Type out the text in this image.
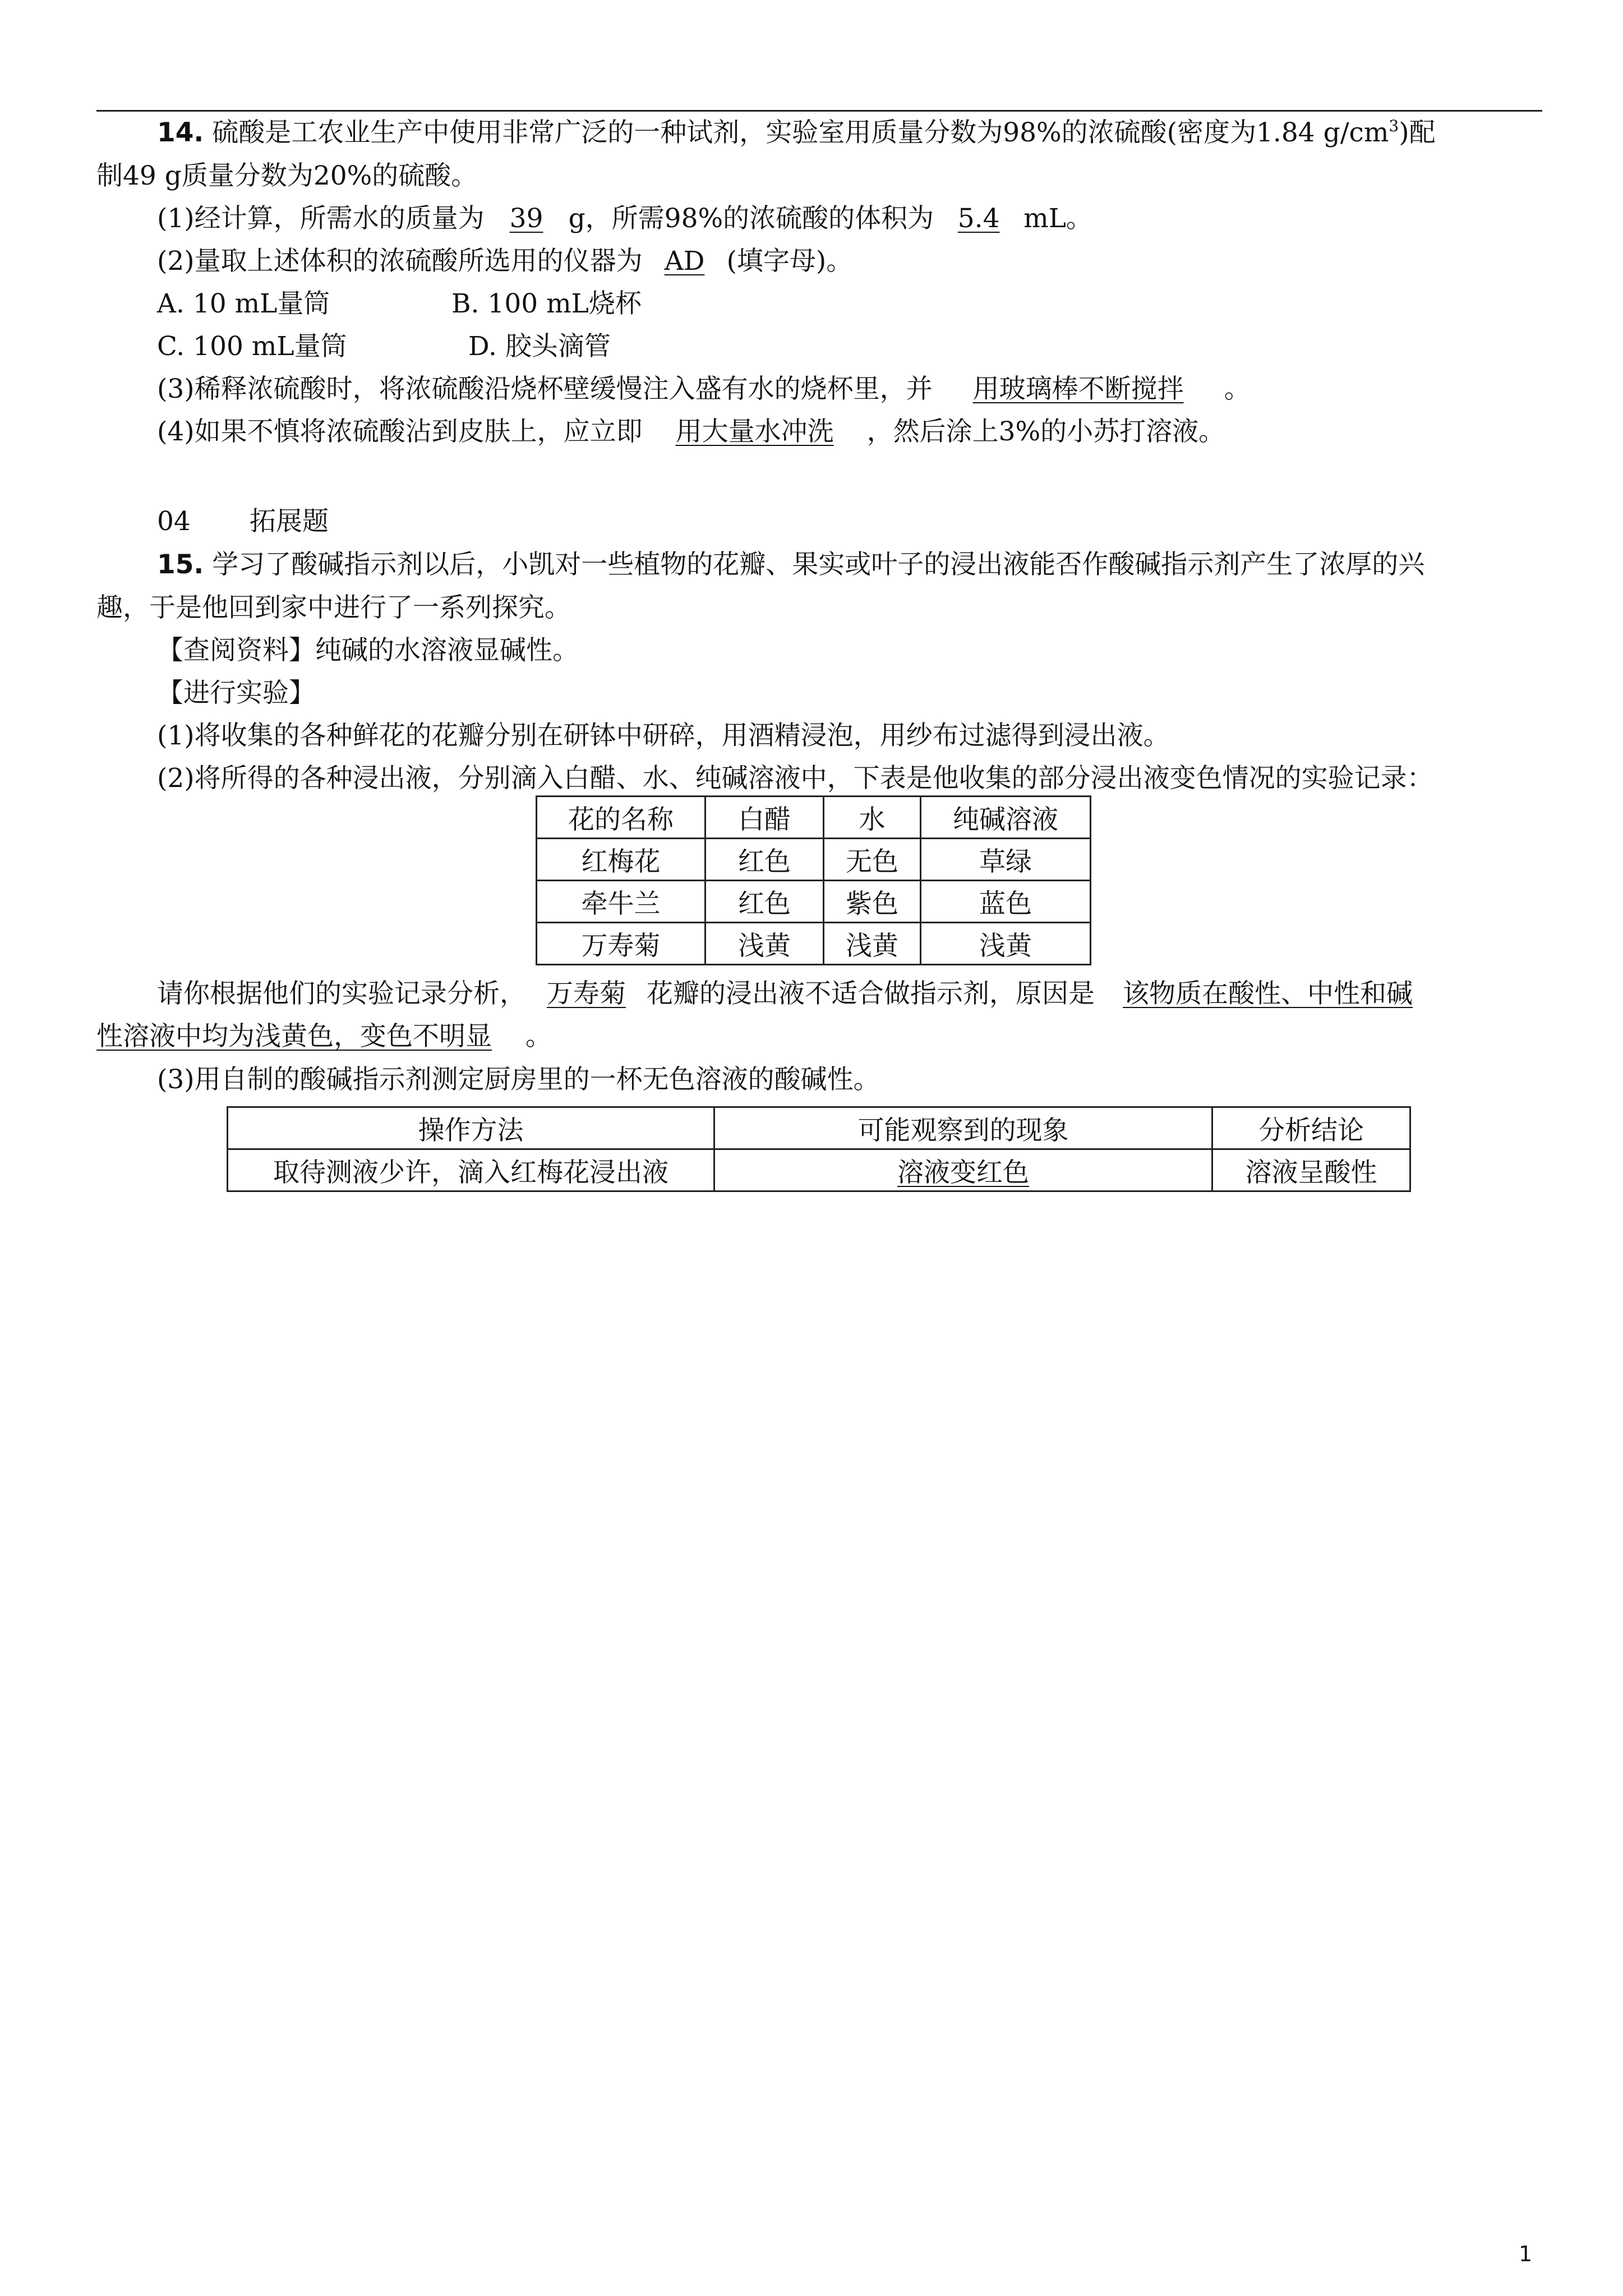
14. 硫酸是工农业生产中使用非常广泛的一种试剂，实验室用质量分数为98%的浓硫酸(密度为1.84 $g/cm^3$)配
制49 g质量分数为20%的硫酸。
(1)经计算，所需水的质量为 39 g，所需98%的浓硫酸的体积为 5.4 mL。
(2)量取上述体积的浓硫酸所选用的仪器为 AD (填字母)。
A. 10 mL量筒	B. 100 mL烧杯
C. 100 mL量筒	D. 胶头滴管
(3)稀释浓硫酸时，将浓硫酸沿烧杯壁缓慢注入盛有水的烧杯里，并 用玻璃棒不断搅拌 。
(4)如果不慎将浓硫酸沾到皮肤上，应立即 用大量水冲洗 ，然后涂上3%的小苏打溶液。
04 拓展题
15. 学习了酸碱指示剂以后，小凯对一些植物的花瓣、果实或叶子的浸出液能否作酸碱指示剂产生了浓厚的兴
趣，于是他回到家中进行了一系列探究。
【查阅资料】纯碱的水溶液显碱性。
【进行实验】
(1)将收集的各种鲜花的花瓣分别在研钵中研碎，用酒精浸泡，用纱布过滤得到浸出液。
(2)将所得的各种浸出液，分别滴入白醋、水、纯碱溶液中，下表是他收集的部分浸出液变色情况的实验记录：
花的名称	白醋	水	纯碱溶液
红梅花	红色	无色	草绿
牵牛兰	红色	紫色	蓝色
万寿菊	浅黄	浅黄	浅黄
请你根据他们的实验记录分析， 万寿菊 花瓣的浸出液不适合做指示剂，原因是 该物质在酸性、中性和碱
性溶液中均为浅黄色，变色不明显 。
(3)用自制的酸碱指示剂测定厨房里的一杯无色溶液的酸碱性。
操作方法	可能观察到的现象	分析结论
取待测液少许，滴入红梅花浸出液	溶液变红色	溶液呈酸性
1
